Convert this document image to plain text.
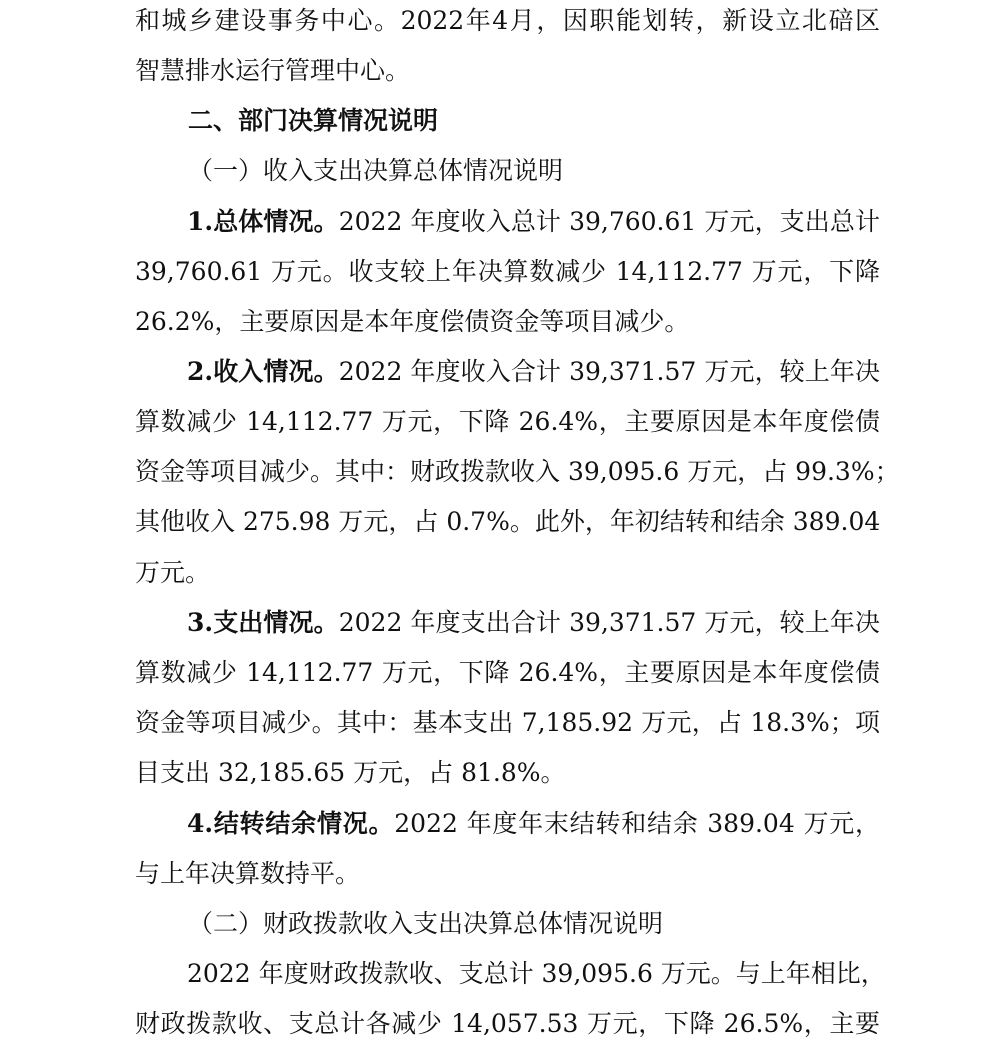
和城乡建设事务中心。2022年4月，因职能划转，新设立北碚区
智慧排水运行管理中心。
二、部门决算情况说明
（一）收入支出决算总体情况说明
1.总体情况。2022 年度收入总计 39,760.61 万元，支出总计
39,760.61 万元。收支较上年决算数减少 14,112.77 万元，下降
26.2%，主要原因是本年度偿债资金等项目减少。
2.收入情况。2022 年度收入合计 39,371.57 万元，较上年决
算数减少 14,112.77 万元，下降 26.4%，主要原因是本年度偿债
资金等项目减少。其中：财政拨款收入 39,095.6 万元，占 99.3%；
其他收入 275.98 万元，占 0.7%。此外，年初结转和结余 389.04
万元。
3.支出情况。2022 年度支出合计 39,371.57 万元，较上年决
算数减少 14,112.77 万元，下降 26.4%，主要原因是本年度偿债
资金等项目减少。其中：基本支出 7,185.92 万元，占 18.3%；项
目支出 32,185.65 万元，占 81.8%。
4.结转结余情况。2022 年度年末结转和结余 389.04 万元，
与上年决算数持平。
（二）财政拨款收入支出决算总体情况说明
2022 年度财政拨款收、支总计 39,095.6 万元。与上年相比，
财政拨款收、支总计各减少 14,057.53 万元，下降 26.5%，主要
